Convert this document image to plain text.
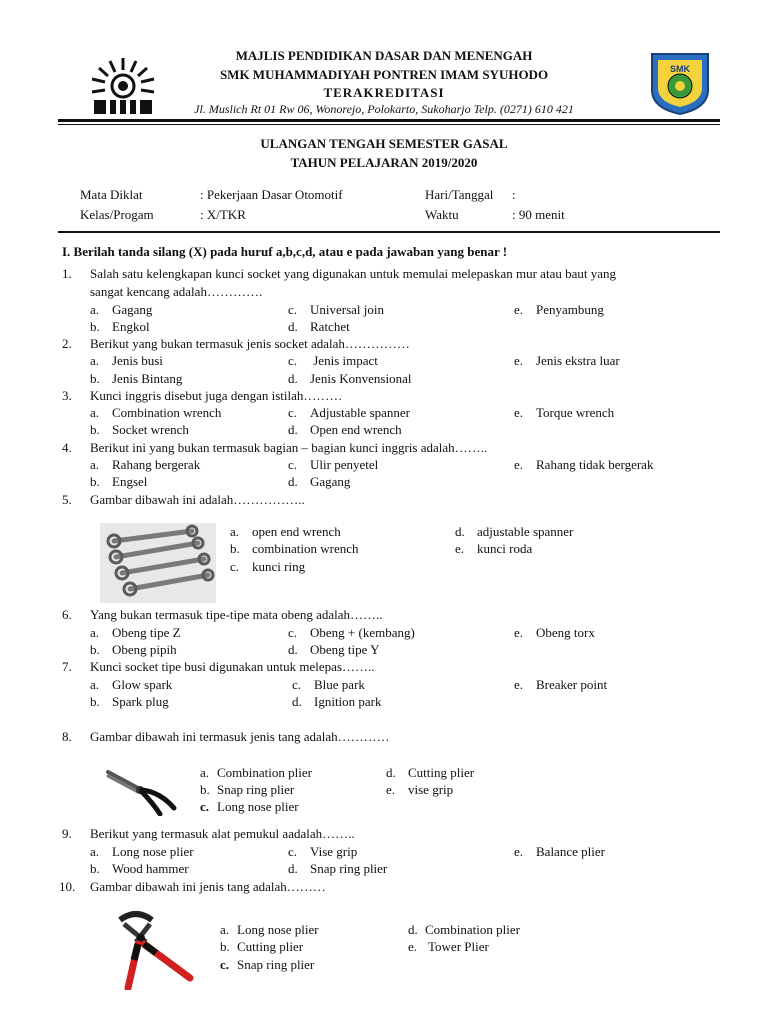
SMK
MAJLIS PENDIDIKAN DASAR DAN MENENGAH
SMK MUHAMMADIYAH PONTREN IMAM SYUHODO
TERAKREDITASI
Jl. Muslich Rt 01 Rw 06, Wonorejo, Polokarto, Sukoharjo Telp. (0271) 610 421
ULANGAN TENGAH SEMESTER GASAL
TAHUN PELAJARAN 2019/2020
Mata Diklat	: Pekerjaan Dasar Otomotif	Hari/Tanggal :
Kelas/Progam	: X/TKR	Waktu	: 90 menit
I. Berilah tanda silang (X) pada huruf a,b,c,d, atau e pada jawaban yang benar !
1. Salah satu kelengkapan kunci socket yang digunakan untuk memulai melepaskan mur atau baut yang
sangat kencang adalah………….
a. Gagang	c. Universal join	e. Penyambung
b. Engkol	d. Ratchet
2. Berikut yang bukan termasuk jenis socket adalah……………
a. Jenis busi	c. Jenis impact	e. Jenis ekstra luar
b. Jenis Bintang	d. Jenis Konvensional
3. Kunci inggris disebut juga dengan istilah………
a. Combination wrench	c. Adjustable spanner	e. Torque wrench
b. Socket wrench	d. Open end wrench
4. Berikut ini yang bukan termasuk bagian – bagian kunci inggris adalah……..
a. Rahang bergerak	c. Ulir penyetel	e. Rahang tidak bergerak
b. Engsel	d. Gagang
5. Gambar dibawah ini adalah……………..
a. open end wrench	d. adjustable spanner
b. combination wrench	e. kunci roda
c. kunci ring
6. Yang bukan termasuk tipe-tipe mata obeng adalah……..
a. Obeng tipe Z	c. Obeng + (kembang)	e. Obeng torx
b. Obeng pipih	d. Obeng tipe Y
7. Kunci socket tipe busi digunakan untuk melepas……..
a. Glow spark	c. Blue park	e. Breaker point
b. Spark plug	d. Ignition park
8. Gambar dibawah ini termasuk jenis tang adalah…………
a. Combination plier	d. Cutting plier
b. Snap ring plier	e. vise grip
c. Long nose plier
9. Berikut yang termasuk alat pemukul aadalah……..
a. Long nose plier	c. Vise grip	e. Balance plier
b. Wood hammer	d. Snap ring plier
10. Gambar dibawah ini jenis tang adalah………
a. Long nose plier	d. Combination plier
b. Cutting plier	e. Tower Plier
c. Snap ring plier
